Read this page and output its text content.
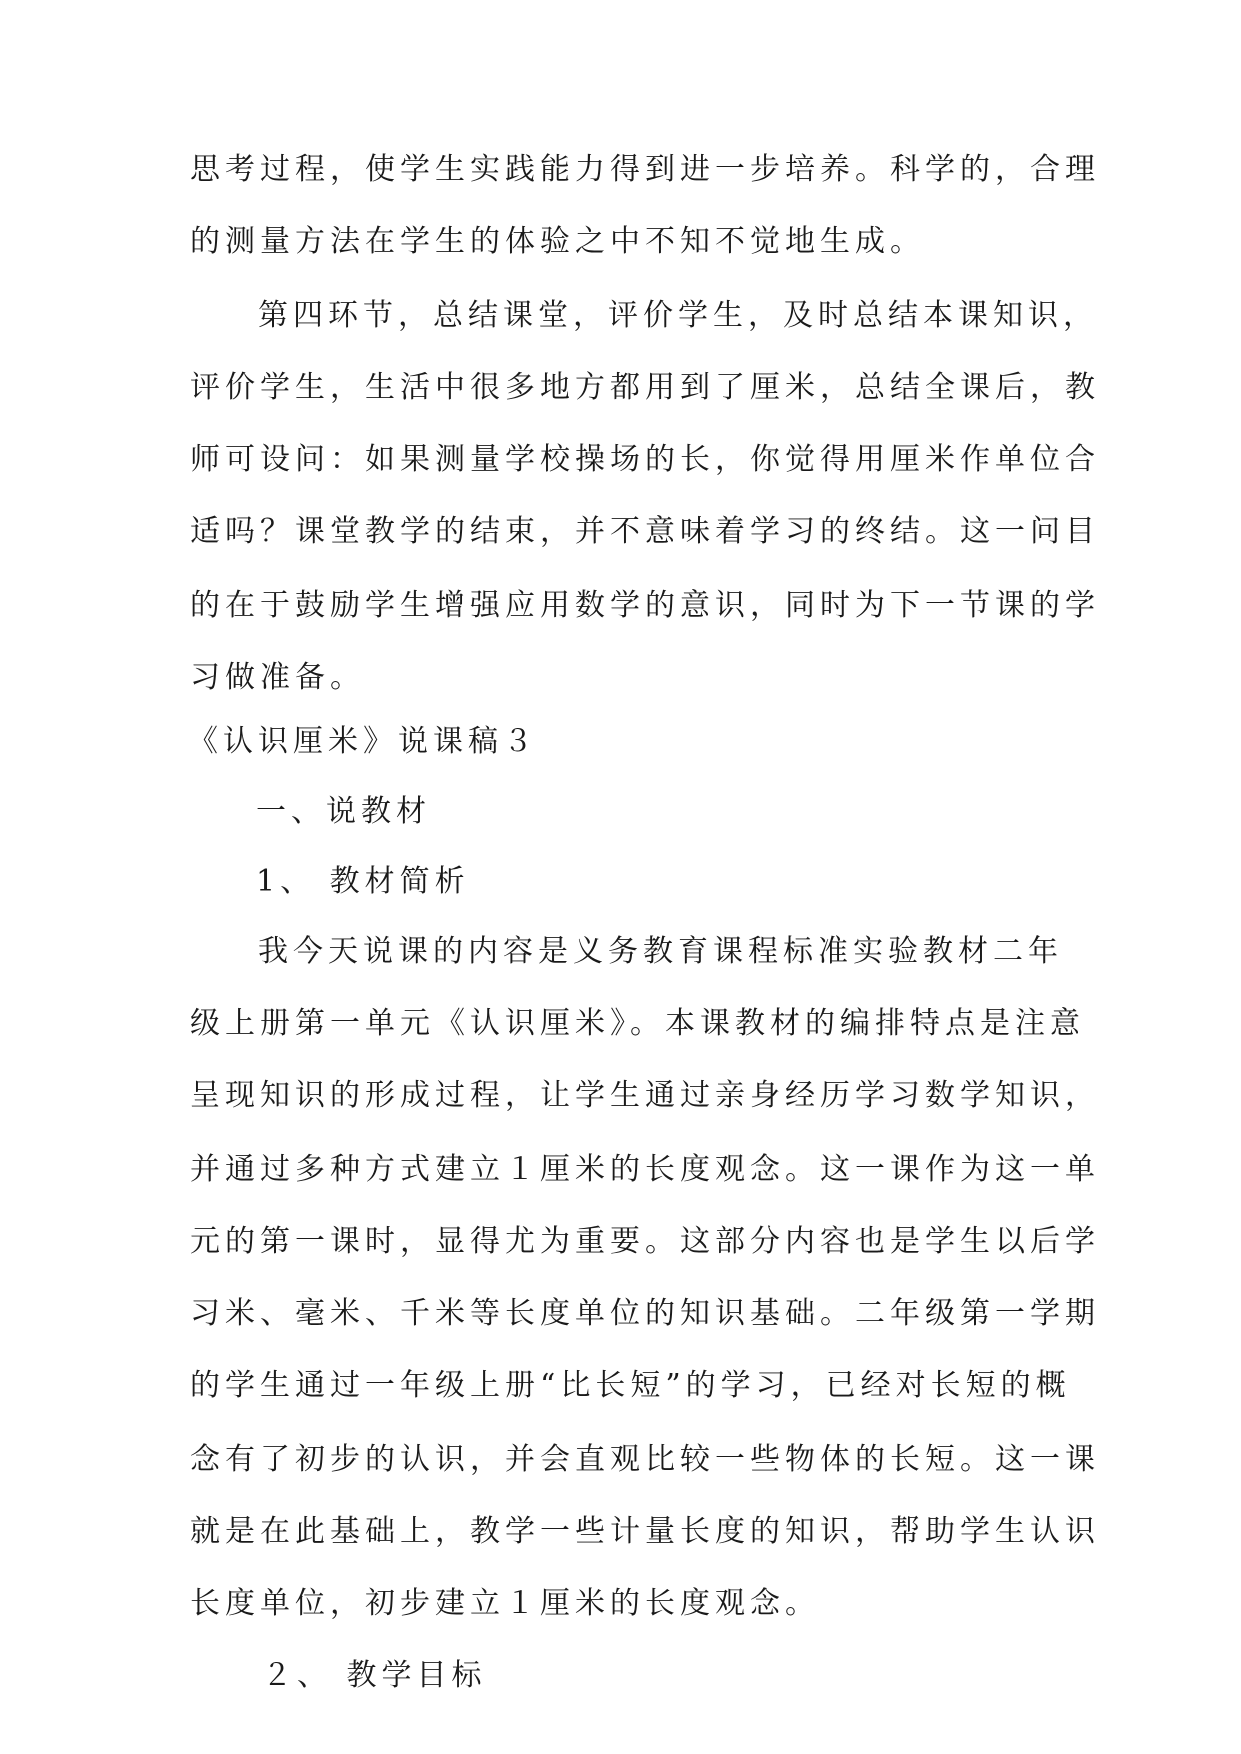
思考过程，使学生实践能力得到进一步培养。科学的，合理
的测量方法在学生的体验之中不知不觉地生成。
第四环节，总结课堂，评价学生，及时总结本课知识，
评价学生，生活中很多地方都用到了厘米，总结全课后，教
师可设问：如果测量学校操场的长，你觉得用厘米作单位合
适吗？课堂教学的结束，并不意味着学习的终结。这一问目
的在于鼓励学生增强应用数学的意识，同时为下一节课的学
习做准备。
《认识厘米》说课稿３
一、说教材
1、 教材简析
我今天说课的内容是义务教育课程标准实验教材二年
级上册第一单元《认识厘米》。本课教材的编排特点是注意
呈现知识的形成过程，让学生通过亲身经历学习数学知识，
并通过多种方式建立１厘米的长度观念。这一课作为这一单
元的第一课时，显得尤为重要。这部分内容也是学生以后学
习米、毫米、千米等长度单位的知识基础。二年级第一学期
的学生通过一年级上册“比长短”的学习，已经对长短的概
念有了初步的认识，并会直观比较一些物体的长短。这一课
就是在此基础上，教学一些计量长度的知识，帮助学生认识
长度单位，初步建立１厘米的长度观念。
２、 教学目标
